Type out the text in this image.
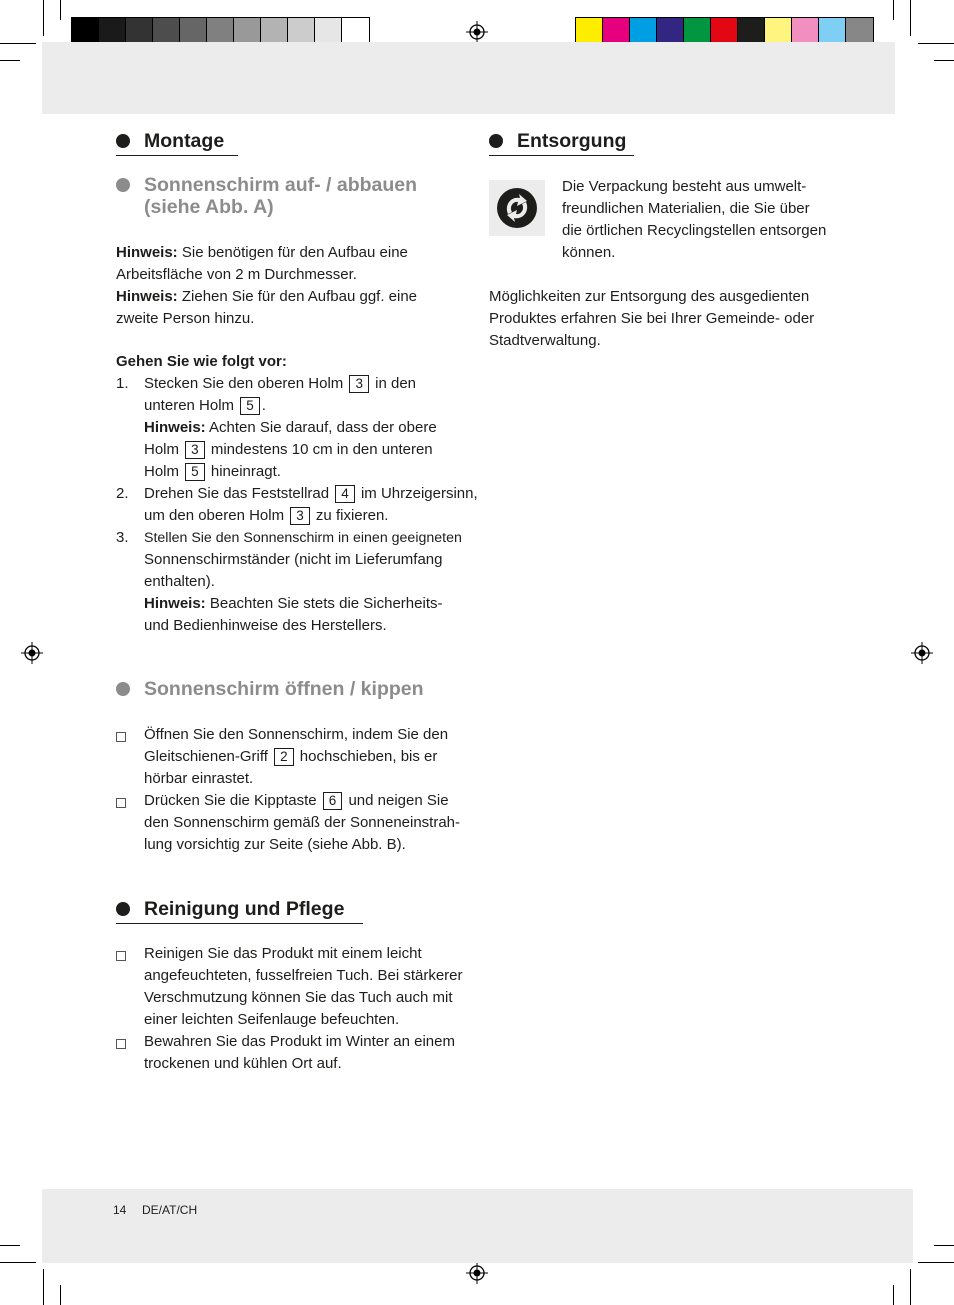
Montage
Sonnenschirm auf- / abbauen
(siehe Abb. A)
Hinweis: Sie benötigen für den Aufbau eine
Arbeitsfläche von 2 m Durchmesser.
Hinweis: Ziehen Sie für den Aufbau ggf. eine
zweite Person hinzu.
Gehen Sie wie folgt vor:
1. Stecken Sie den oberen Holm 3 in den
unteren Holm 5 .
Hinweis: Achten Sie darauf, dass der obere
Holm 3 mindestens 10 cm in den unteren
Holm 5 hineinragt.
2. Drehen Sie das Feststellrad 4 im Uhrzeigersinn,
um den oberen Holm 3 zu fixieren.
3. Stellen Sie den Sonnenschirm in einen geeigneten
Sonnenschirmständer (nicht im Lieferumfang
enthalten).
Hinweis: Beachten Sie stets die Sicherheits-
und Bedienhinweise des Herstellers.
Sonnenschirm öffnen / kippen
Öffnen Sie den Sonnenschirm, indem Sie den
Gleitschienen-Griff 2 hochschieben, bis er
hörbar einrastet.
Drücken Sie die Kipptaste 6 und neigen Sie
den Sonnenschirm gemäß der Sonneneinstrah-
lung vorsichtig zur Seite (siehe Abb. B).
Reinigung und Pflege
Reinigen Sie das Produkt mit einem leicht
angefeuchteten, fusselfreien Tuch. Bei stärkerer
Verschmutzung können Sie das Tuch auch mit
einer leichten Seifenlauge befeuchten.
Bewahren Sie das Produkt im Winter an einem
trockenen und kühlen Ort auf.
Entsorgung
Die Verpackung besteht aus umwelt-
freundlichen Materialien, die Sie über
die örtlichen Recyclingstellen entsorgen
können.
Möglichkeiten zur Entsorgung des ausgedienten
Produktes erfahren Sie bei Ihrer Gemeinde- oder
Stadtverwaltung.
14 DE/AT/CH
